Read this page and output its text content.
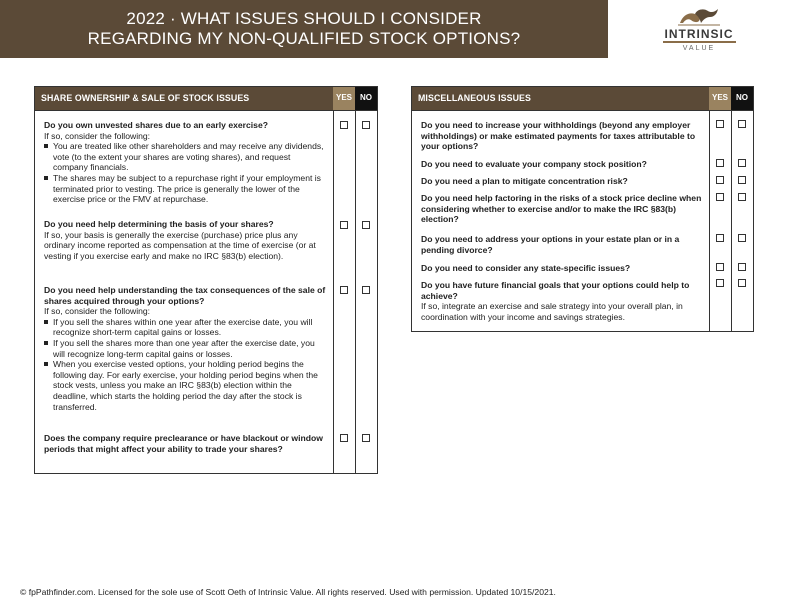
2022 · WHAT ISSUES SHOULD I CONSIDER
REGARDING MY NON-QUALIFIED STOCK OPTIONS?	INTRINSIC
VALUE
SHARE OWNERSHIP & SALE OF STOCK ISSUES	YES	NO
Do you own unvested shares due to an early exercise?
If so, consider the following:
You are treated like other shareholders and may receive any dividends, vote (to the extent your shares are voting shares), and request company financials.
The shares may be subject to a repurchase right if your employment is terminated prior to vesting. The price is generally the lower of the exercise price or the FMV at repurchase.
Do you need help determining the basis of your shares?
If so, your basis is generally the exercise (purchase) price plus any ordinary income reported as compensation at the time of exercise (or at vesting if you exercise early and make no IRC §83(b) election).
Do you need help understanding the tax consequences of the sale of shares acquired through your options?
If so, consider the following:
If you sell the shares within one year after the exercise date, you will recognize short-term capital gains or losses.
If you sell the shares more than one year after the exercise date, you will recognize long-term capital gains or losses.
When you exercise vested options, your holding period begins the following day. For early exercise, your holding period begins when the stock vests, unless you make an IRC §83(b) election within the deadline, which starts the holding period the day after the stock is transferred.
Does the company require preclearance or have blackout or window periods that might affect your ability to trade your shares?
MISCELLANEOUS ISSUES	YES	NO
Do you need to increase your withholdings (beyond any employer withholdings) or make estimated payments for taxes attributable to your options?
Do you need to evaluate your company stock position?
Do you need a plan to mitigate concentration risk?
Do you need help factoring in the risks of a stock price decline when considering whether to exercise and/or to make the IRC §83(b) election?
Do you need to address your options in your estate plan or in a pending divorce?
Do you need to consider any state-specific issues?
Do you have future financial goals that your options could help to achieve?
If so, integrate an exercise and sale strategy into your overall plan, in coordination with your income and savings strategies.
© fpPathfinder.com. Licensed for the sole use of Scott Oeth of Intrinsic Value. All rights reserved. Used with permission. Updated 10/15/2021.
